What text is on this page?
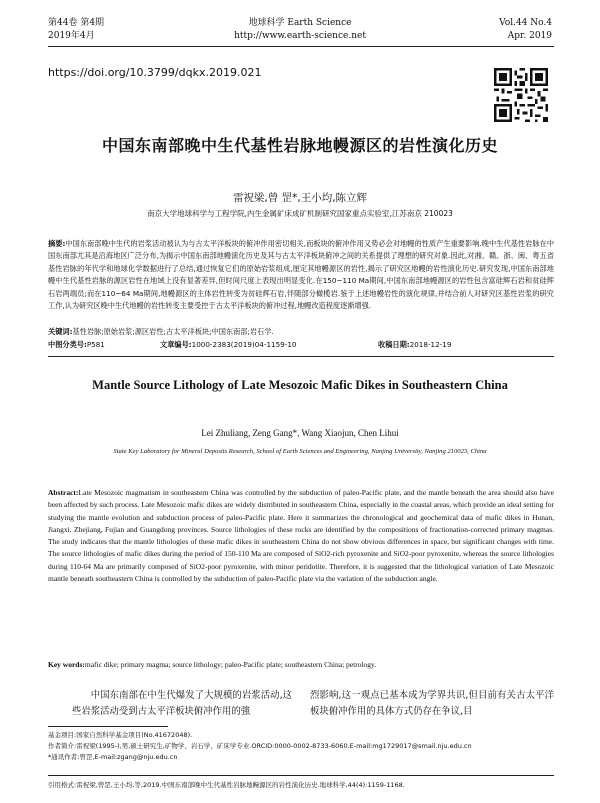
第44卷 第4期
2019年4月
地球科学 Earth Science
http://www.earth-science.net
Vol.44 No.4
Apr. 2019
https://doi.org/10.3799/dqkx.2019.021
中国东南部晚中生代基性岩脉地幔源区的岩性演化历史
雷祝梁,曾 罡*,王小均,陈立辉
南京大学地球科学与工程学院,内生金属矿床成矿机制研究国家重点实验室,江苏南京 210023
摘要:中国东南部晚中生代的岩浆活动被认为与古太平洋板块的俯冲作用密切相关,而板块的俯冲作用又势必会对地幔的性质产生重要影响.晚中生代基性岩脉在中国东南部尤其是沿海地区广泛分布,为揭示中国东南部地幔演化历史及其与古太平洋板块俯冲之间的关系提供了理想的研究对象.因此,对湘、赣、浙、闽、粤五省基性岩脉的年代学和地球化学数据进行了总结,通过恢复它们的原始岩浆组成,厘定其地幔源区的岩性,揭示了研究区地幔的岩性演化历史.研究发现,中国东南部地幔中生代基性岩脉的源区岩性在地域上没有显著差异,但时间尺度上表现出明显变化.在150~110 Ma期间,中国东南部地幔源区的岩性包含富硅辉石岩和贫硅辉石岩两端员;而在110~64 Ma期间,地幔源区的主体岩性转变为贫硅辉石岩,伴随部分橄榄岩.鉴于上述地幔岩性的演化规律,并结合前人对研究区基性岩浆的研究工作,认为研究区晚中生代地幔的岩性转变主要受控于古太平洋板块的俯冲过程,地幔改造程度逐渐增强.
关键词:基性岩脉;原始岩浆;源区岩性;古太平洋板块;中国东南部;岩石学.
中图分类号:P581	文章编号:1000-2383(2019)04-1159-10	收稿日期:2018-12-19
Mantle Source Lithology of Late Mesozoic Mafic Dikes in Southeastern China
Lei Zhuliang, Zeng Gang*, Wang Xiaojun, Chen Lihui
State Key Laboratory for Mineral Deposits Research, School of Earth Sciences and Engineering, Nanjing University, Nanjing 210023, China
Abstract:Late Mesozoic magmatism in southeastern China was controlled by the subduction of paleo-Pacific plate, and the mantle beneath the area should also have been affected by such process. Late Mesozoic mafic dikes are widely distributed in southeastern China, especially in the coastal areas, which provide an ideal setting for studying the mantle evolution and subduction process of paleo-Pacific plate. Here it summarizes the chronological and geochemical data of mafic dikes in Hunan, Jiangxi, Zhejiang, Fujian and Guangdong provinces. Source lithologies of these rocks are identified by the compositions of fractionation-corrected primary magmas. The study indicates that the mantle lithologies of these mafic dikes in southeastern China do not show obvious differences in space, but significant changes with time. The source lithologies of mafic dikes during the period of 150-110 Ma are composed of SiO2-rich pyroxenite and SiO2-poor pyroxenite, whereas the source lithologies during 110-64 Ma are primarily composed of SiO2-poor pyroxenite, with minor peridotite. Therefore, it is suggested that the lithological variation of Late Mesozoic mantle beneath southeastern China is controlled by the subduction of paleo-Pacific plate via the variation of the subduction angle.
Key words:mafic dike; primary magma; source lithology; paleo-Pacific plate; southeastern China; petrology.
中国东南部在中生代爆发了大规模的岩浆活动,这些岩浆活动受到古太平洋板块俯冲作用的強
烈影响,这一观点已基本成为学界共识,但目前有关古太平洋板块俯冲作用的具体方式仍存在争议,目
基金项目:国家自然科学基金项目(No.41672048).
作者简介:雷祝梁(1995-),男,硕士研究生,矿物学、岩石学、矿床学专业.ORCID:0000-0002-8733-6060.E-mail:mg1729017@smail.nju.edu.cn
*通讯作者:曾罡,E-mail:zgang@nju.edu.cn
引用格式:雷祝梁,曾罡,王小均,等,2019.中国东南部晚中生代基性岩脉地幔源区的岩性演化历史.地球科学,44(4):1159-1168.
